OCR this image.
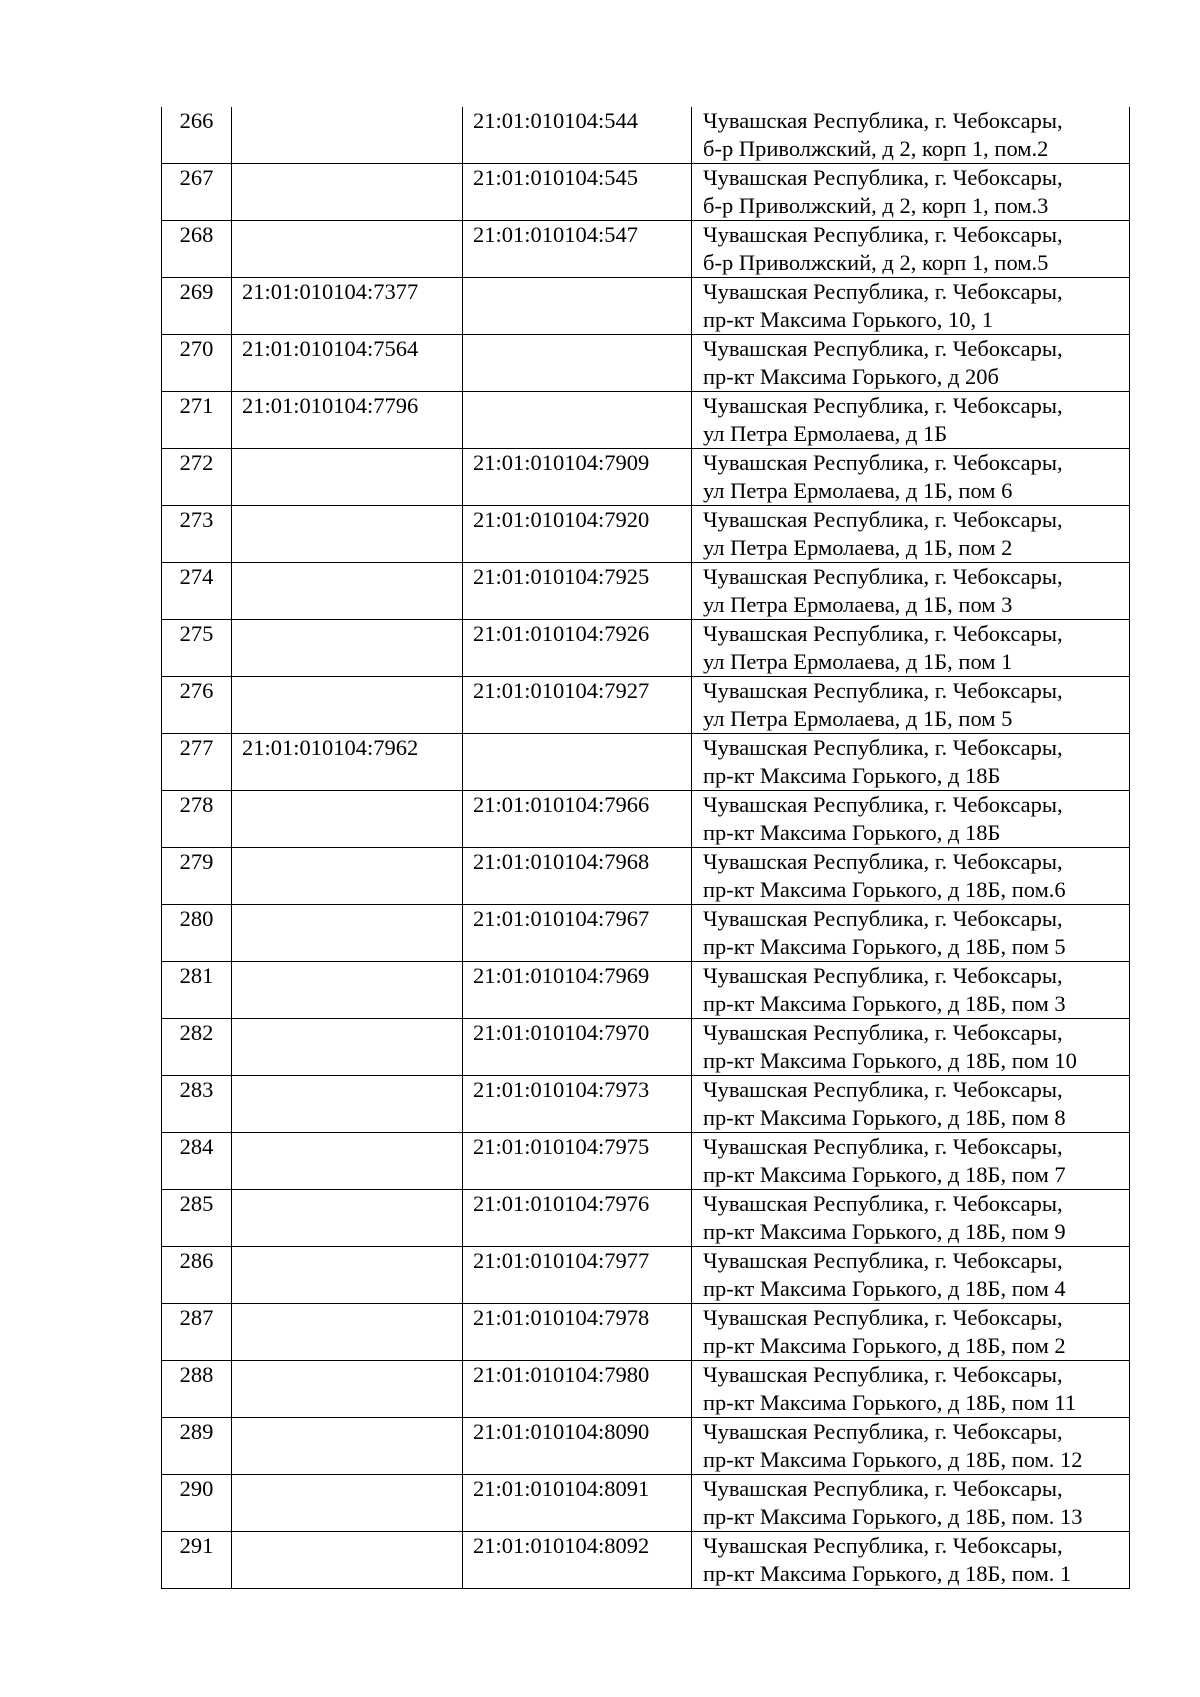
266		21:01:010104:544	Чувашская Республика, г. Чебоксары,
б-р Приволжский, д 2, корп 1, пом.2

267		21:01:010104:545	Чувашская Республика, г. Чебоксары,
б-р Приволжский, д 2, корп 1, пом.3

268		21:01:010104:547	Чувашская Республика, г. Чебоксары,
б-р Приволжский, д 2, корп 1, пом.5

269	21:01:010104:7377		Чувашская Республика, г. Чебоксары,
пр-кт Максима Горького, 10, 1

270	21:01:010104:7564		Чувашская Республика, г. Чебоксары,
пр-кт Максима Горького, д 20б

271	21:01:010104:7796		Чувашская Республика, г. Чебоксары,
ул Петра Ермолаева, д 1Б

272		21:01:010104:7909	Чувашская Республика, г. Чебоксары,
ул Петра Ермолаева, д 1Б, пом 6

273		21:01:010104:7920	Чувашская Республика, г. Чебоксары,
ул Петра Ермолаева, д 1Б, пом 2

274		21:01:010104:7925	Чувашская Республика, г. Чебоксары,
ул Петра Ермолаева, д 1Б, пом 3

275		21:01:010104:7926	Чувашская Республика, г. Чебоксары,
ул Петра Ермолаева, д 1Б, пом 1

276		21:01:010104:7927	Чувашская Республика, г. Чебоксары,
ул Петра Ермолаева, д 1Б, пом 5

277	21:01:010104:7962		Чувашская Республика, г. Чебоксары,
пр-кт Максима Горького, д 18Б

278		21:01:010104:7966	Чувашская Республика, г. Чебоксары,
пр-кт Максима Горького, д 18Б

279		21:01:010104:7968	Чувашская Республика, г. Чебоксары,
пр-кт Максима Горького, д 18Б, пом.6

280		21:01:010104:7967	Чувашская Республика, г. Чебоксары,
пр-кт Максима Горького, д 18Б, пом 5

281		21:01:010104:7969	Чувашская Республика, г. Чебоксары,
пр-кт Максима Горького, д 18Б, пом 3

282		21:01:010104:7970	Чувашская Республика, г. Чебоксары,
пр-кт Максима Горького, д 18Б, пом 10

283		21:01:010104:7973	Чувашская Республика, г. Чебоксары,
пр-кт Максима Горького, д 18Б, пом 8

284		21:01:010104:7975	Чувашская Республика, г. Чебоксары,
пр-кт Максима Горького, д 18Б, пом 7

285		21:01:010104:7976	Чувашская Республика, г. Чебоксары,
пр-кт Максима Горького, д 18Б, пом 9

286		21:01:010104:7977	Чувашская Республика, г. Чебоксары,
пр-кт Максима Горького, д 18Б, пом 4

287		21:01:010104:7978	Чувашская Республика, г. Чебоксары,
пр-кт Максима Горького, д 18Б, пом 2

288		21:01:010104:7980	Чувашская Республика, г. Чебоксары,
пр-кт Максима Горького, д 18Б, пом 11

289		21:01:010104:8090	Чувашская Республика, г. Чебоксары,
пр-кт Максима Горького, д 18Б, пом. 12

290		21:01:010104:8091	Чувашская Республика, г. Чебоксары,
пр-кт Максима Горького, д 18Б, пом. 13

291		21:01:010104:8092	Чувашская Республика, г. Чебоксары,
пр-кт Максима Горького, д 18Б, пом. 1
